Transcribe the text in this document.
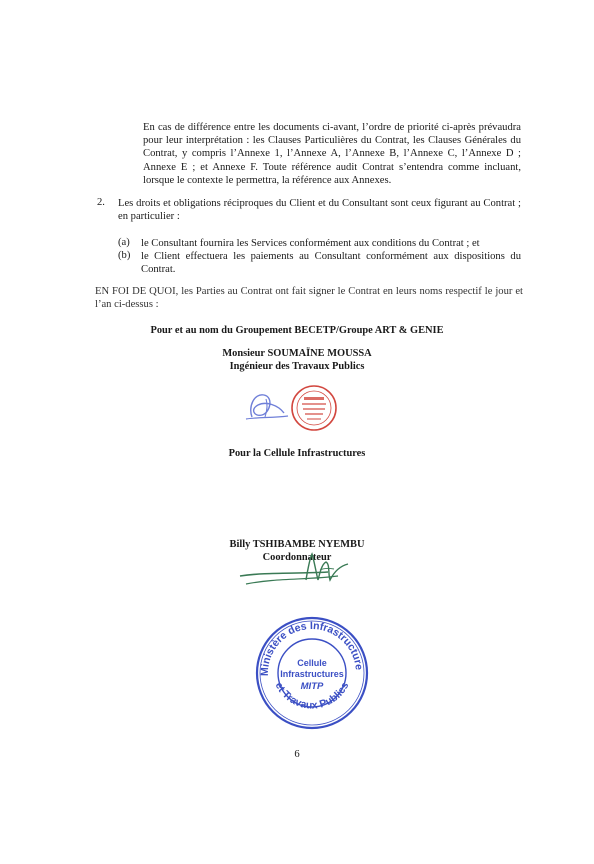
En cas de différence entre les documents ci-avant, l’ordre de priorité ci-après prévaudra pour leur interprétation : les Clauses Particulières du Contrat, les Clauses Générales du Contrat, y compris l’Annexe 1, l’Annexe A, l’Annexe B, l’Annexe C, l’Annexe D ; Annexe E ; et Annexe F. Toute référence audit Contrat s’entendra comme incluant, lorsque le contexte le permettra, la référence aux Annexes.
2. Les droits et obligations réciproques du Client et du Consultant sont ceux figurant au Contrat ; en particulier :
(a) le Consultant fournira les Services conformément aux conditions du Contrat ; et
(b) le Client effectuera les paiements au Consultant conformément aux dispositions du Contrat.
EN FOI DE QUOI, les Parties au Contrat ont fait signer le Contrat en leurs noms respectif le jour et l’an ci-dessus :
Pour et au nom du Groupement BECETP/Groupe ART & GENIE
Monsieur SOUMAÏNE MOUSSA
Ingénieur des Travaux Publics
Pour la Cellule Infrastructures
Billy TSHIBAMBE NYEMBU
Coordonnateur
Ministère des Infrastructures
et Travaux Publics
Cellule
Infrastructures
MITP
6
